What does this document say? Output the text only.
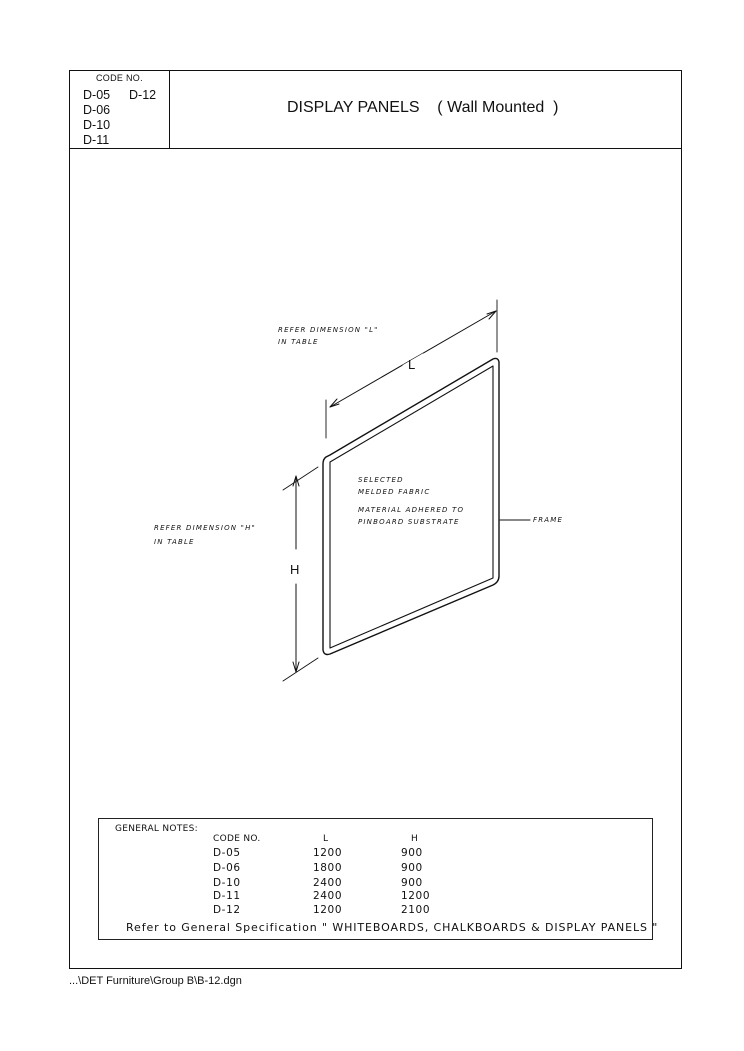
CODE NO.
D-05 D-12
D-06
D-10
D-11
DISPLAY PANELS    ( Wall Mounted  )
L
H
REFER DIMENSION "L"
IN TABLE
REFER DIMENSION "H"
IN TABLE
SELECTED
MELDED FABRIC
MATERIAL ADHERED TO
PINBOARD SUBSTRATE	FRAME
GENERAL NOTES:
CODE NO.	L	H
D-05	1200	900
D-06	1800	900
D-10	2400	900
D-11	2400	1200
D-12	1200	2100
Refer to General Specification " WHITEBOARDS, CHALKBOARDS & DISPLAY PANELS "
...\DET Furniture\Group B\B-12.dgn
